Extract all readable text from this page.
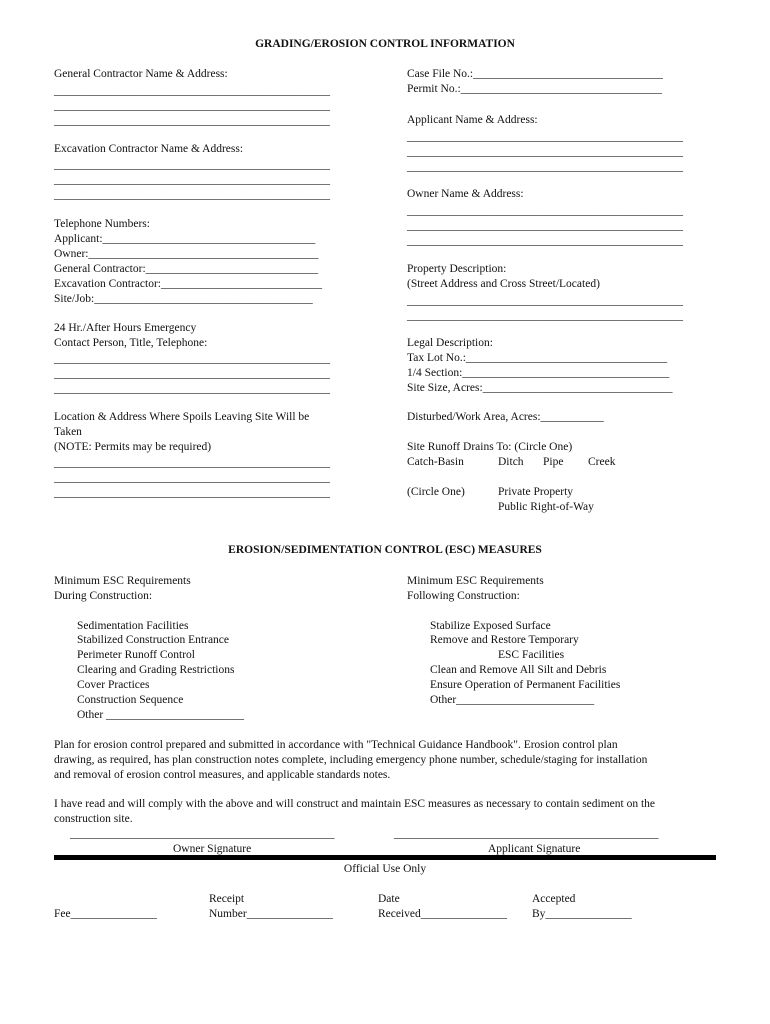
GRADING/EROSION CONTROL INFORMATION
General Contractor Name & Address:
________________________________________________
________________________________________________
________________________________________________
Excavation Contractor Name & Address:
________________________________________________
________________________________________________
________________________________________________
Telephone Numbers:
Applicant:_____________________________________
Owner:________________________________________
General Contractor:______________________________
Excavation Contractor:____________________________
Site/Job:______________________________________
24 Hr./After Hours Emergency
Contact Person, Title, Telephone:
________________________________________________
________________________________________________
________________________________________________
Location & Address Where Spoils Leaving Site Will be
Taken
(NOTE: Permits may be required)
________________________________________________
________________________________________________
________________________________________________
Case File No.:_________________________________
Permit No.:___________________________________
Applicant Name & Address:
________________________________________________
________________________________________________
________________________________________________
Owner Name & Address:
________________________________________________
________________________________________________
________________________________________________
Property Description:
(Street Address and Cross Street/Located)
________________________________________________
________________________________________________
Legal Description:
Tax Lot No.:___________________________________
1/4 Section:____________________________________
Site Size, Acres:_________________________________
Disturbed/Work Area, Acres:___________
Site Runoff Drains To: (Circle One)
Catch-Basin	Ditch Pipe Creek
(Circle One)	Private Property
Public Right-of-Way
EROSION/SEDIMENTATION CONTROL (ESC) MEASURES
Minimum ESC Requirements
During Construction:
Sedimentation Facilities
Stabilized Construction Entrance
Perimeter Runoff Control
Clearing and Grading Restrictions
Cover Practices
Construction Sequence
Other ________________________
Minimum ESC Requirements
Following Construction:
Stabilize Exposed Surface
Remove and Restore Temporary
ESC Facilities
Clean and Remove All Silt and Debris
Ensure Operation of Permanent Facilities
Other________________________
Plan for erosion control prepared and submitted in accordance with "Technical Guidance Handbook". Erosion control plan
drawing, as required, has plan construction notes complete, including emergency phone number, schedule/staging for installation
and removal of erosion control measures, and applicable standards notes.
I have read and will comply with the above and will construct and maintain ESC measures as necessary to contain sediment on the
construction site.
______________________________________________	______________________________________________
Owner Signature	Applicant Signature
Official Use Only
Receipt	Date	Accepted
Fee_______________	Number_______________	Received_______________ By_______________
